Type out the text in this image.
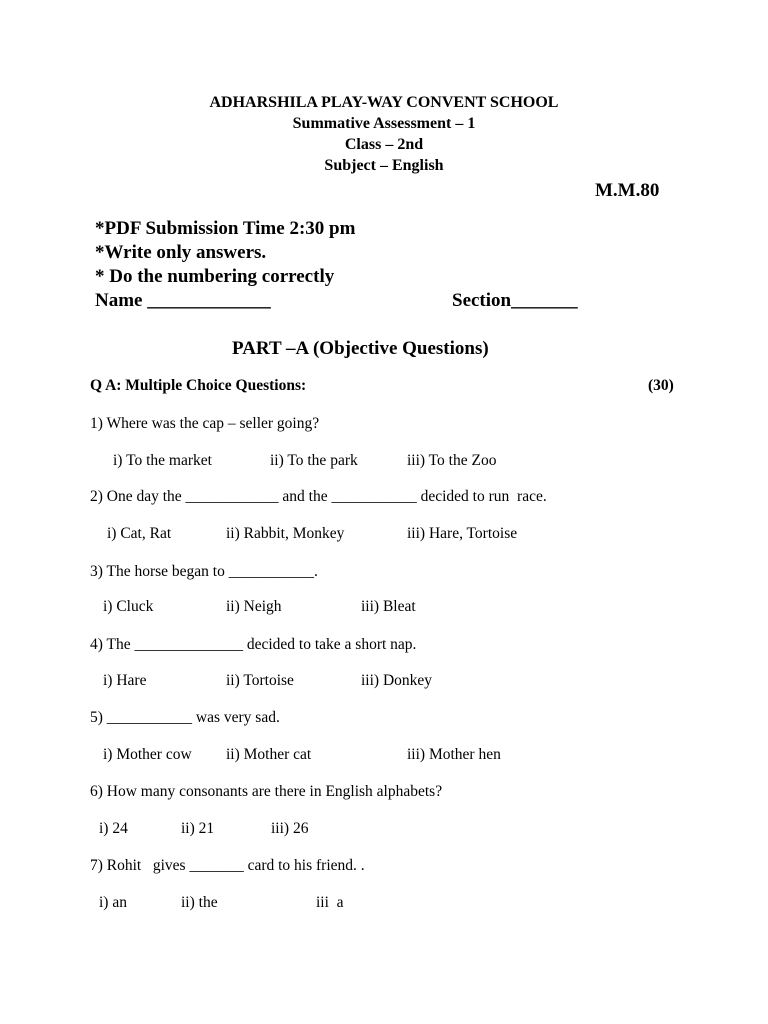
ADHARSHILA PLAY-WAY CONVENT SCHOOL
Summative Assessment – 1
Class – 2nd
Subject – English
M.M.80
*PDF Submission Time 2:30 pm
*Write only answers.
* Do the numbering correctly
Name _____________	Section_______
PART –A (Objective Questions)
Q A: Multiple Choice Questions:	(30)
1) Where was the cap – seller going?
i) To the market	ii) To the park	iii) To the Zoo
2) One day the ____________ and the ___________ decided to run  race.
i) Cat, Rat	ii) Rabbit, Monkey	iii) Hare, Tortoise
3) The horse began to ___________.
i) Cluck	ii) Neigh	iii) Bleat
4) The ______________ decided to take a short nap.
i) Hare	ii) Tortoise	iii) Donkey
5) ___________ was very sad.
i) Mother cow ii) Mother cat	iii) Mother hen
6) How many consonants are there in English alphabets?
i) 24	ii) 21	iii) 26
7) Rohit   gives _______ card to his friend. .
i) an	ii) the	iii  a
